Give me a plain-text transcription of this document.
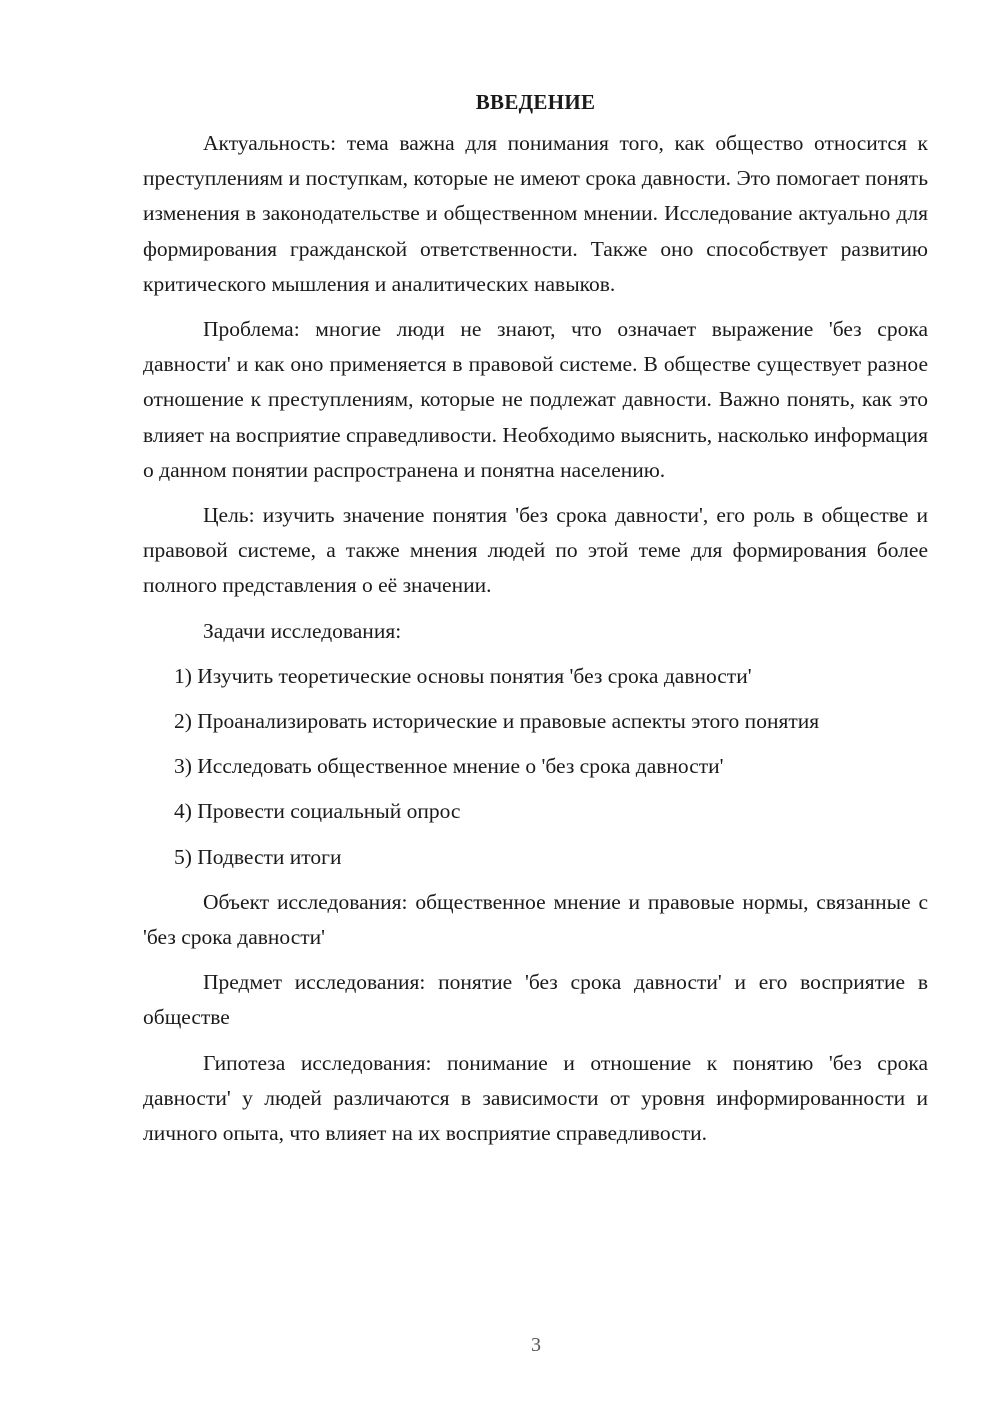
ВВЕДЕНИЕ

Актуальность: тема важна для понимания того, как общество относится к преступлениям и поступкам, которые не имеют срока давности. Это помогает понять изменения в законодательстве и общественном мнении. Исследование актуально для формирования гражданской ответственности. Также оно способствует развитию критического мышления и аналитических навыков.

Проблема: многие люди не знают, что означает выражение 'без срока давности' и как оно применяется в правовой системе. В обществе существует разное отношение к преступлениям, которые не подлежат давности. Важно понять, как это влияет на восприятие справедливости. Необходимо выяснить, насколько информация о данном понятии распространена и понятна населению.

Цель: изучить значение понятия 'без срока давности', его роль в обществе и правовой системе, а также мнения людей по этой теме для формирования более полного представления о её значении.

Задачи исследования:

1) Изучить теоретические основы понятия 'без срока давности'
2) Проанализировать исторические и правовые аспекты этого понятия
3) Исследовать общественное мнение о 'без срока давности'
4) Провести социальный опрос
5) Подвести итоги

Объект исследования: общественное мнение и правовые нормы, связанные с 'без срока давности'

Предмет исследования: понятие 'без срока давности' и его восприятие в обществе

Гипотеза исследования: понимание и отношение к понятию 'без срока давности' у людей различаются в зависимости от уровня информированности и личного опыта, что влияет на их восприятие справедливости.

3
